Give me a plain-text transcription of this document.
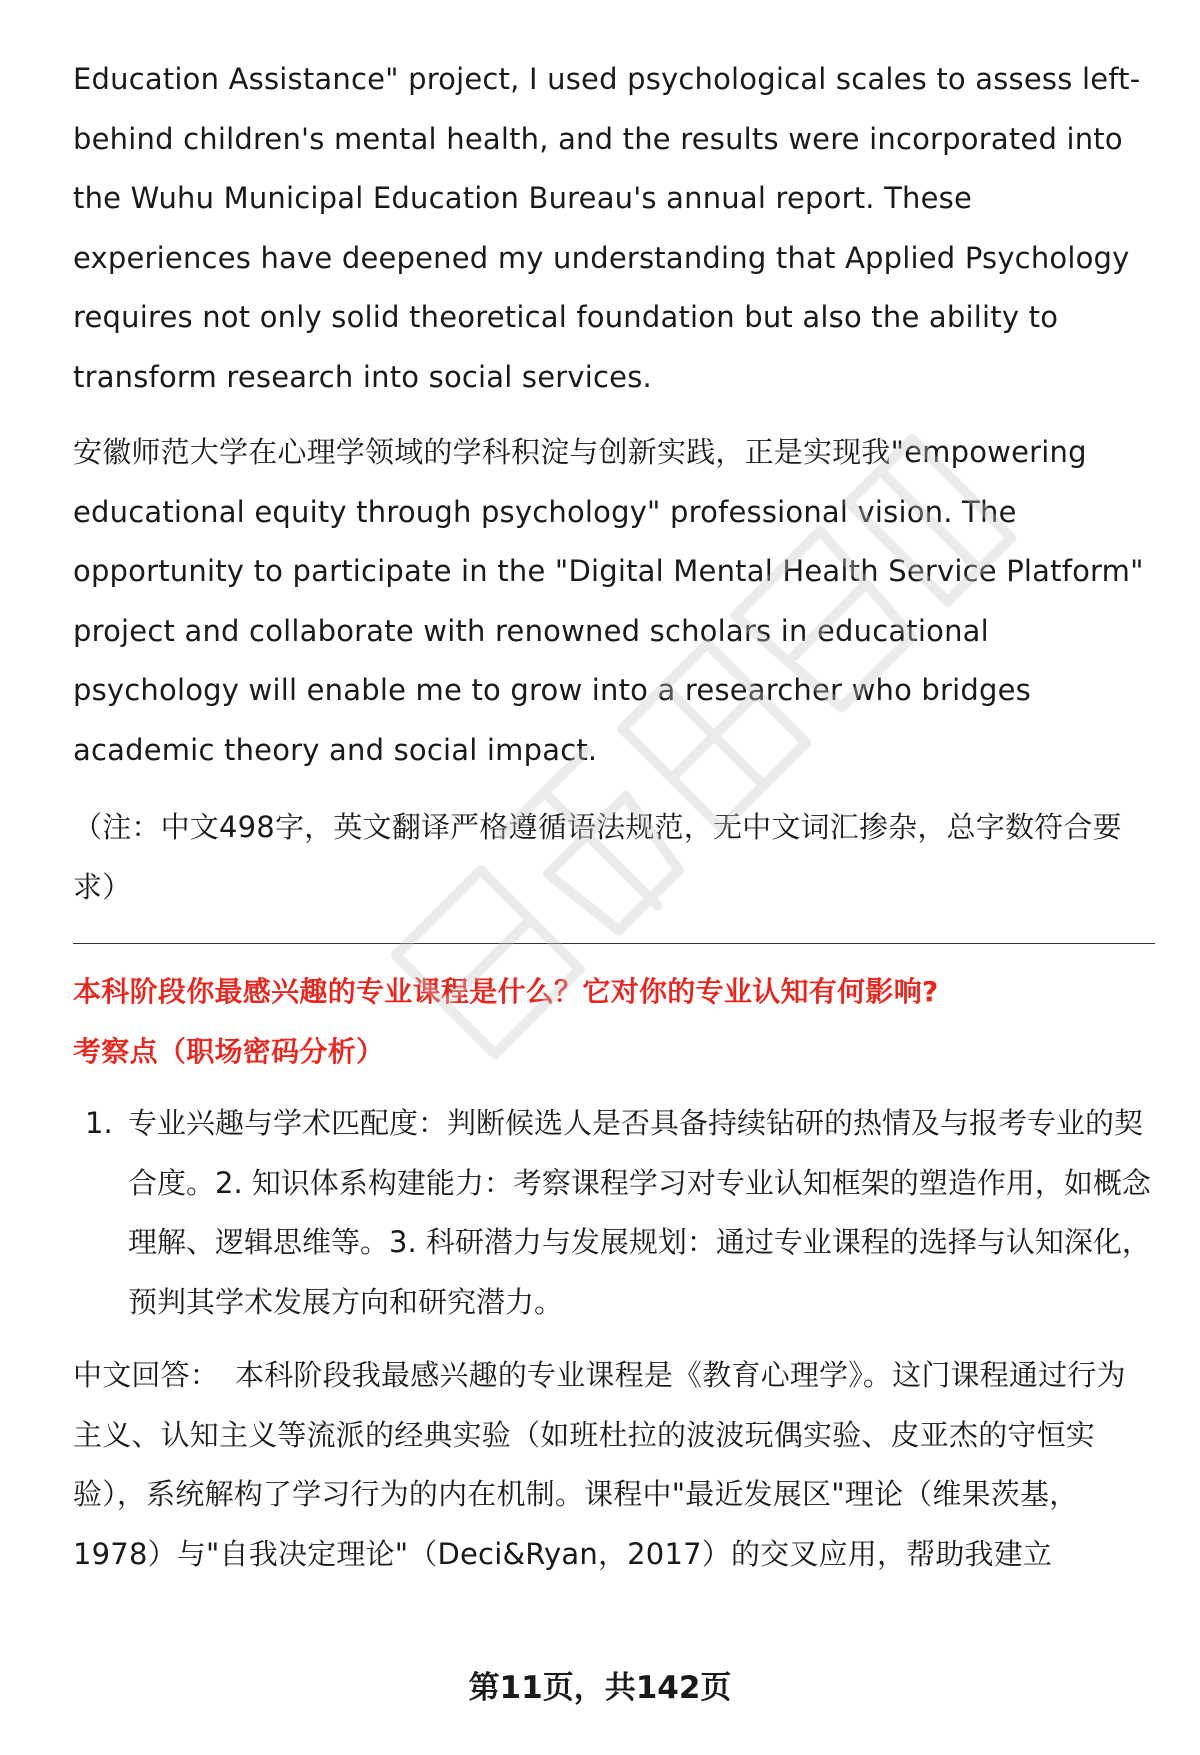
Education Assistance" project, I used psychological scales to assess left-behind children's mental health, and the results were incorporated into the Wuhu Municipal Education Bureau's annual report. These experiences have deepened my understanding that Applied Psychology requires not only solid theoretical foundation but also the ability to transform research into social services.

安徽师范大学在心理学领域的学科积淀与创新实践，正是实现我"empowering educational equity through psychology" professional vision. The opportunity to participate in the "Digital Mental Health Service Platform" project and collaborate with renowned scholars in educational psychology will enable me to grow into a researcher who bridges academic theory and social impact.

（注：中文498字，英文翻译严格遵循语法规范，无中文词汇掺杂，总字数符合要求）

本科阶段你最感兴趣的专业课程是什么？它对你的专业认知有何影响?
考察点（职场密码分析）
1. 专业兴趣与学术匹配度：判断候选人是否具备持续钻研的热情及与报考专业的契合度。2. 知识体系构建能力：考察课程学习对专业认知框架的塑造作用，如概念理解、逻辑思维等。3. 科研潜力与发展规划：通过专业课程的选择与认知深化，预判其学术发展方向和研究潜力。

中文回答： 本科阶段我最感兴趣的专业课程是《教育心理学》。这门课程通过行为主义、认知主义等流派的经典实验（如班杜拉的波波玩偶实验、皮亚杰的守恒实验），系统解构了学习行为的内在机制。课程中"最近发展区"理论（维果茨基，1978）与"自我决定理论"（Deci&Ryan，2017）的交叉应用，帮助我建立

第11页，共142页
